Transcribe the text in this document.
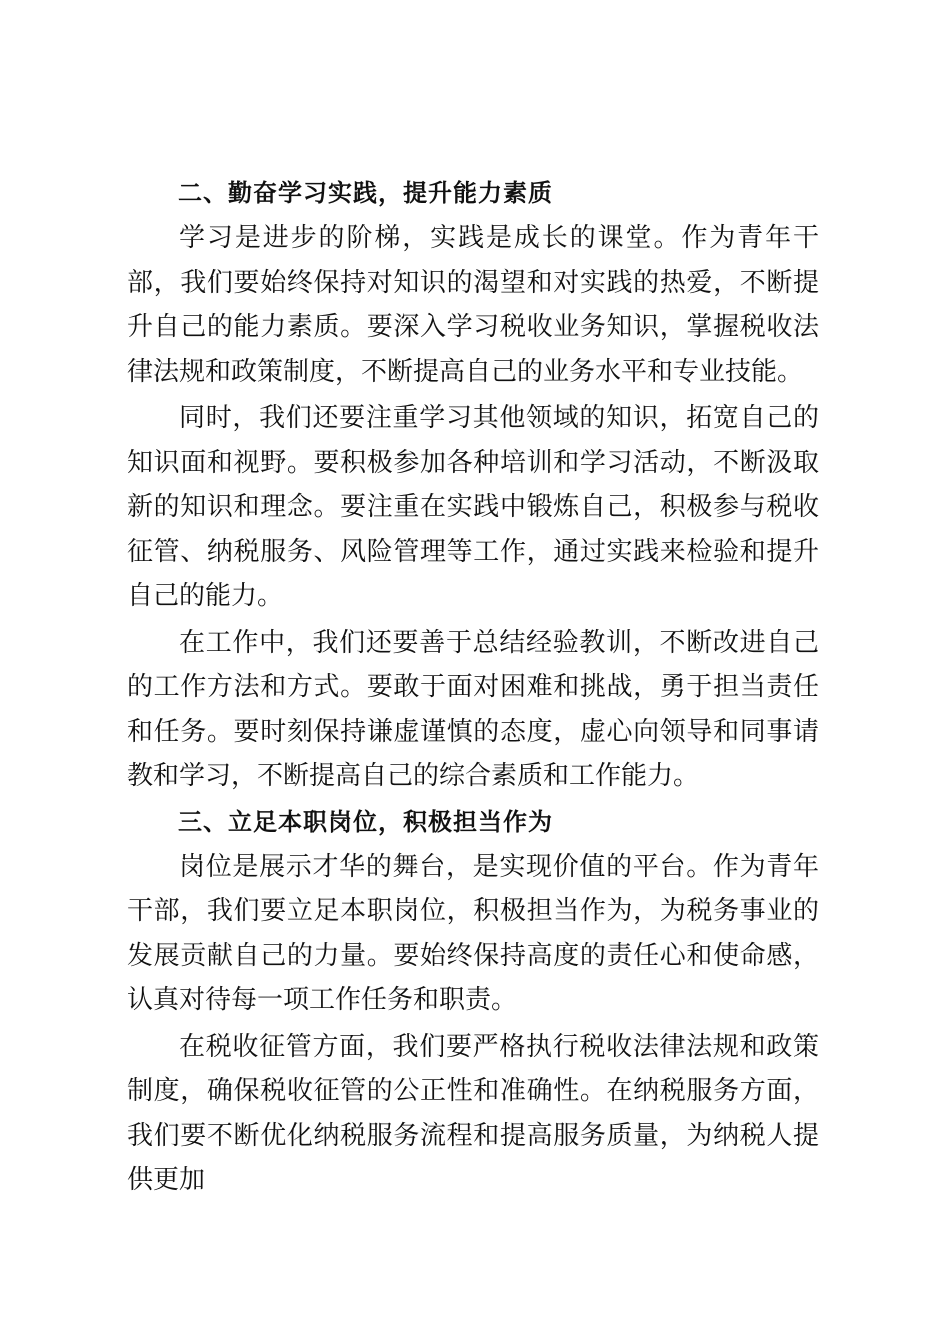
二、勤奋学习实践，提升能力素质

学习是进步的阶梯，实践是成长的课堂。作为青年干部，我们要始终保持对知识的渴望和对实践的热爱，不断提升自己的能力素质。要深入学习税收业务知识，掌握税收法律法规和政策制度，不断提高自己的业务水平和专业技能。

同时，我们还要注重学习其他领域的知识，拓宽自己的知识面和视野。要积极参加各种培训和学习活动，不断汲取新的知识和理念。要注重在实践中锻炼自己，积极参与税收征管、纳税服务、风险管理等工作，通过实践来检验和提升自己的能力。

在工作中，我们还要善于总结经验教训，不断改进自己的工作方法和方式。要敢于面对困难和挑战，勇于担当责任和任务。要时刻保持谦虚谨慎的态度，虚心向领导和同事请教和学习，不断提高自己的综合素质和工作能力。

三、立足本职岗位，积极担当作为

岗位是展示才华的舞台，是实现价值的平台。作为青年干部，我们要立足本职岗位，积极担当作为，为税务事业的发展贡献自己的力量。要始终保持高度的责任心和使命感，认真对待每一项工作任务和职责。

在税收征管方面，我们要严格执行税收法律法规和政策制度，确保税收征管的公正性和准确性。在纳税服务方面，我们要不断优化纳税服务流程和提高服务质量，为纳税人提供更加
